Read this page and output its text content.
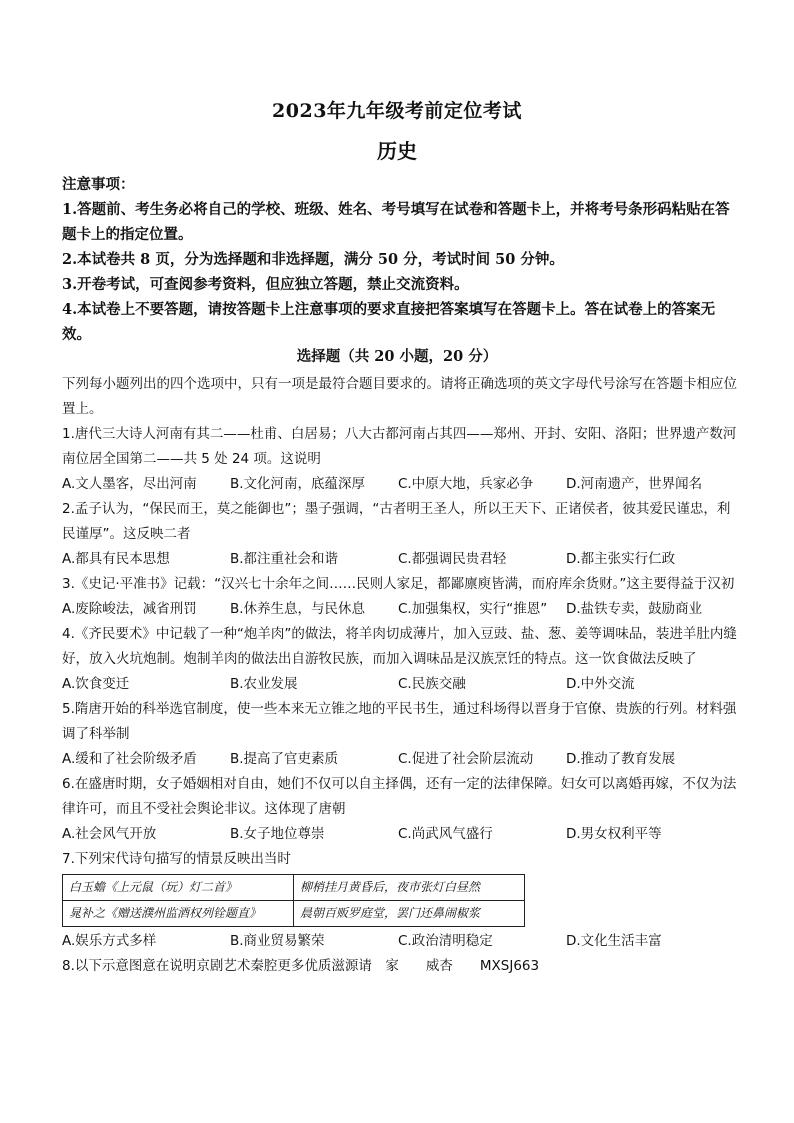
2023年九年级考前定位考试
历史

注意事项：

1.答题前、考生务必将自己的学校、班级、姓名、考号填写在试卷和答题卡上，并将考号条形码粘贴在答题卡上的指定位置。

2.本试卷共 8 页，分为选择题和非选择题，满分 50 分，考试时间 50 分钟。

3.开卷考试，可查阅参考资料，但应独立答题，禁止交流资料。

4.本试卷上不要答题，请按答题卡上注意事项的要求直接把答案填写在答题卡上。答在试卷上的答案无效。

选择题（共 20 小题，20 分）

下列每小题列出的四个选项中，只有一项是最符合题目要求的。请将正确选项的英文字母代号涂写在答题卡相应位置上。

1.唐代三大诗人河南有其二——杜甫、白居易；八大古都河南占其四——郑州、开封、安阳、洛阳；世界遗产数河南位居全国第二——共 5 处 24 项。这说明

A.文人墨客，尽出河南	B.文化河南，底蕴深厚	C.中原大地，兵家必争	D.河南遗产，世界闻名

2.孟子认为，“保民而王，莫之能御也”；墨子强调，“古者明王圣人，所以王天下、正诸侯者，彼其爱民谨忠，利民谨厚”。这反映二者

A.都具有民本思想	B.都注重社会和谐	C.都强调民贵君轻	D.都主张实行仁政

3.《史记·平准书》记载：“汉兴七十余年之间……民则人家足，都鄙廪庾皆满，而府库余货财。”这主要得益于汉初

A.废除峻法，减省刑罚	B.休养生息，与民休息	C.加强集权，实行“推恩”	D.盐铁专卖，鼓励商业

4.《齐民要术》中记载了一种“炮羊肉”的做法，将羊肉切成薄片，加入豆豉、盐、葱、姜等调味品，装进羊肚内缝好，放入火坑炮制。炮制羊肉的做法出自游牧民族，而加入调味品是汉族烹饪的特点。这一饮食做法反映了

A.饮食变迁	B.农业发展	C.民族交融	D.中外交流

5.隋唐开始的科举选官制度，使一些本来无立锥之地的平民书生，通过科场得以晋身于官僚、贵族的行列。材料强调了科举制

A.缓和了社会阶级矛盾	B.提高了官吏素质	C.促进了社会阶层流动	D.推动了教育发展

6.在盛唐时期，女子婚姻相对自由，她们不仅可以自主择偶，还有一定的法律保障。妇女可以离婚再嫁，不仅为法律许可，而且不受社会舆论非议。这体现了唐朝

A.社会风气开放	B.女子地位尊崇	C.尚武风气盛行	D.男女权利平等

7.下列宋代诗句描写的情景反映出当时

白玉蟾《上元鼠（玩）灯二首》	柳梢挂月黄昏后，夜市张灯白昼然
晁补之《赠送濮州监酒权列铨题直》	晨朝百贩罗庭堂，罢门还鼻闹椒浆
A.娱乐方式多样	B.商业贸易繁荣	C.政治清明稳定	D.文化生活丰富

8.以下示意图意在说明京剧艺术秦腔更多优质滋源请　家　　威杏　　MXSJ663
